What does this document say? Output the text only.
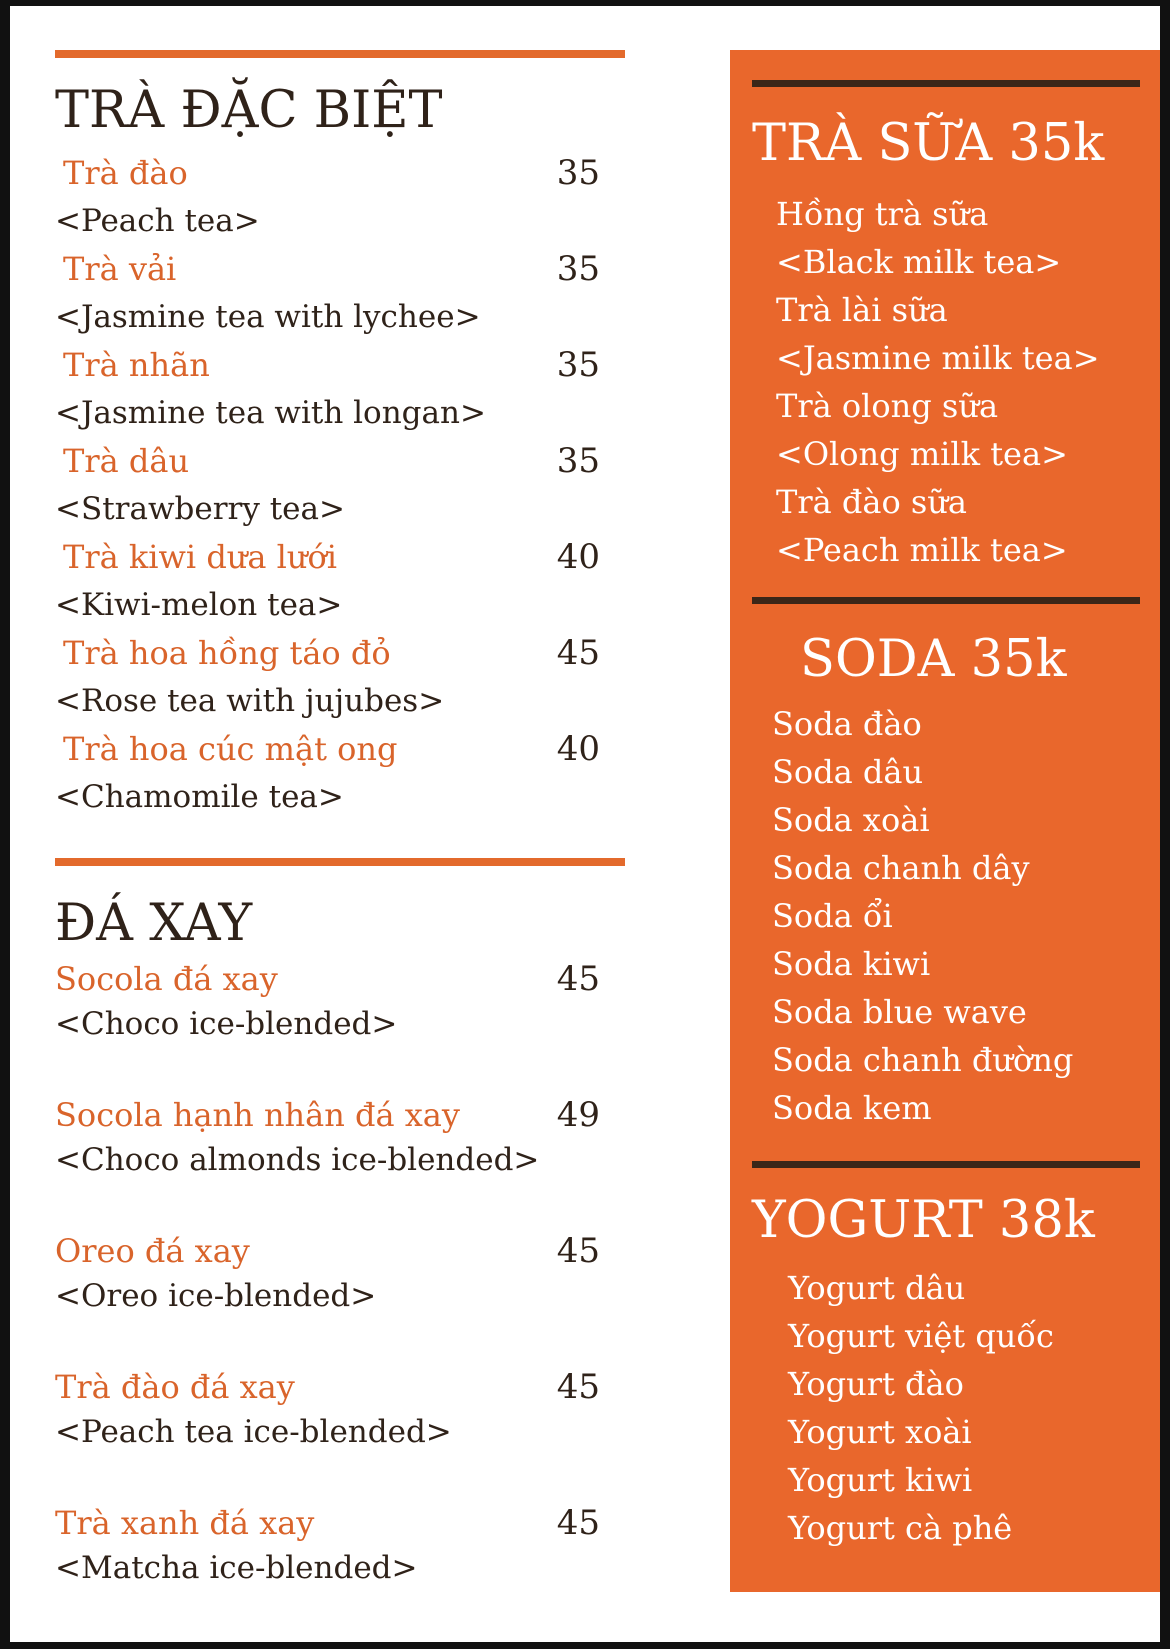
TRÀ ĐẶC BIỆT
Trà đào	35
<Peach tea>
Trà vải	35
<Jasmine tea with lychee>
Trà nhãn	35
<Jasmine tea with longan>
Trà dâu	35
<Strawberry tea>
Trà kiwi dưa lưới	40
<Kiwi-melon tea>
Trà hoa hồng táo đỏ	45
<Rose tea with jujubes>
Trà hoa cúc mật ong	40
<Chamomile tea>
ĐÁ XAY
Socola đá xay	45
<Choco ice-blended>
Socola hạnh nhân đá xay	49
<Choco almonds ice-blended>
Oreo đá xay	45
<Oreo ice-blended>
Trà đào đá xay	45
<Peach tea ice-blended>
Trà xanh đá xay	45
<Matcha ice-blended>
TRÀ SỮA 35k
Hồng trà sữa
<Black milk tea>
Trà lài sữa
<Jasmine milk tea>
Trà olong sữa
<Olong milk tea>
Trà đào sữa
<Peach milk tea>
SODA 35k
Soda đào
Soda dâu
Soda xoài
Soda chanh dây
Soda ổi
Soda kiwi
Soda blue wave
Soda chanh đường
Soda kem
YOGURT 38k
Yogurt dâu
Yogurt việt quốc
Yogurt đào
Yogurt xoài
Yogurt kiwi
Yogurt cà phê
